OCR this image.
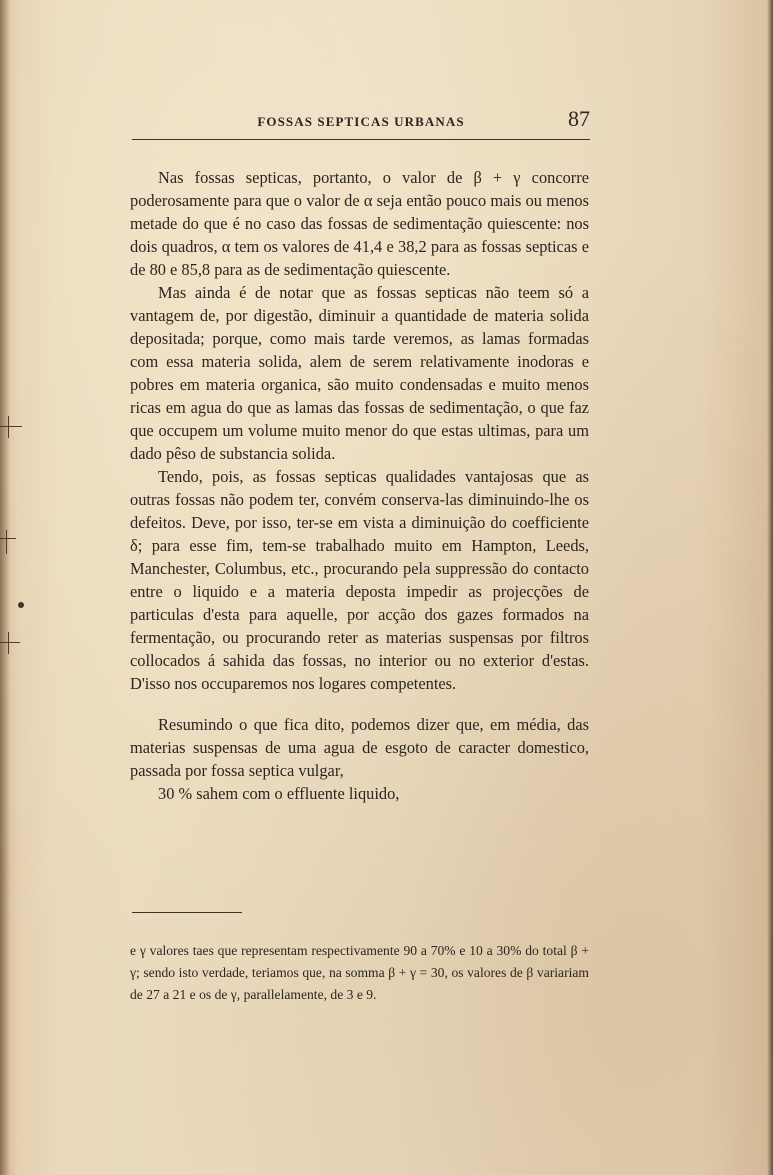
FOSSAS SEPTICAS URBANAS	87

Nas fossas septicas, portanto, o valor de β + γ concorre poderosamente para que o valor de α seja então pouco mais ou menos metade do que é no caso das fossas de sedimentação quiescente: nos dois quadros, α tem os valores de 41,4 e 38,2 para as fossas septicas e de 80 e 85,8 para as de sedimentação quiescente.

Mas ainda é de notar que as fossas septicas não teem só a vantagem de, por digestão, diminuir a quantidade de materia solida depositada; porque, como mais tarde veremos, as lamas formadas com essa materia solida, alem de serem relativamente inodoras e pobres em materia organica, são muito condensadas e muito menos ricas em agua do que as lamas das fossas de sedimentação, o que faz que occupem um volume muito menor do que estas ultimas, para um dado pêso de substancia solida.

Tendo, pois, as fossas septicas qualidades vantajosas que as outras fossas não podem ter, convém conserva-las diminuindo-lhe os defeitos. Deve, por isso, ter-se em vista a diminuição do coefficiente δ; para esse fim, tem-se trabalhado muito em Hampton, Leeds, Manchester, Columbus, etc., procurando pela suppressão do contacto entre o liquido e a materia deposta impedir as projecções de particulas d'esta para aquelle, por acção dos gazes formados na fermentação, ou procurando reter as materias suspensas por filtros collocados á sahida das fossas, no interior ou no exterior d'estas. D'isso nos occuparemos nos logares competentes.

Resumindo o que fica dito, podemos dizer que, em média, das materias suspensas de uma agua de esgoto de caracter domestico, passada por fossa septica vulgar,

30 % sahem com o effluente liquido,

e γ valores taes que representam respectivamente 90 a 70% e 10 a 30% do total β + γ; sendo isto verdade, teriamos que, na somma β + γ = 30, os valores de β variariam de 27 a 21 e os de γ, parallelamente, de 3 e 9.
